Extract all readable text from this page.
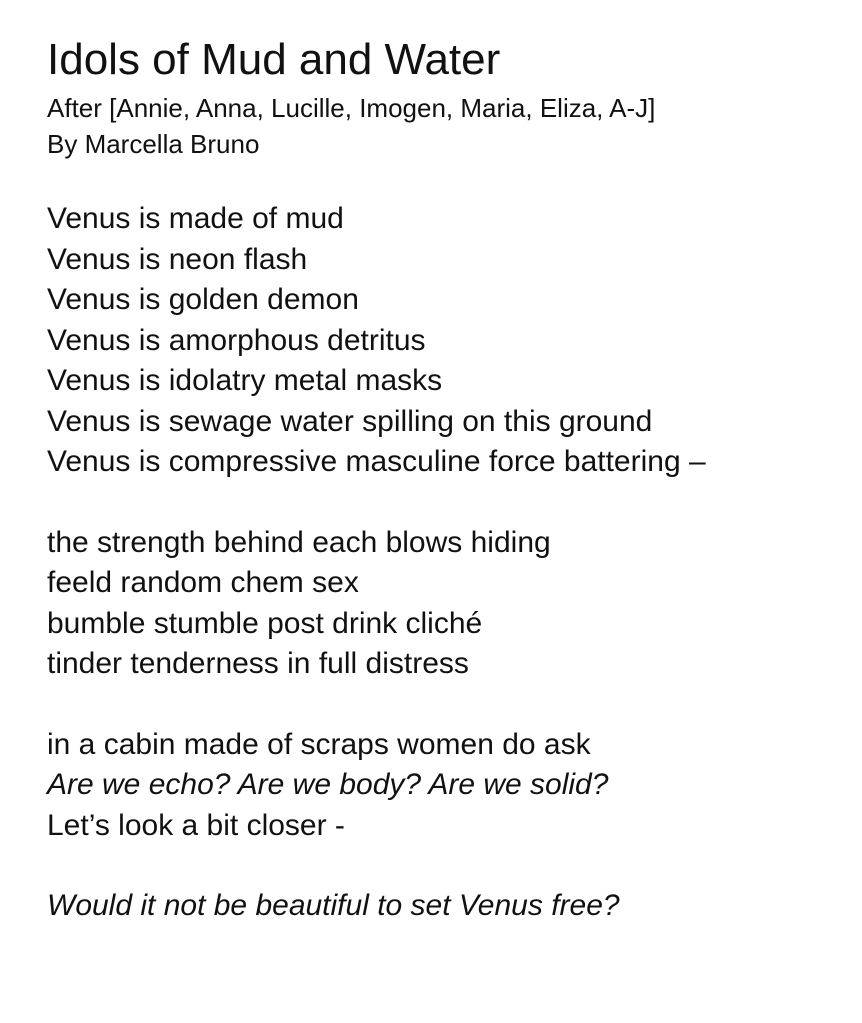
Idols of Mud and Water

After [Annie, Anna, Lucille, Imogen, Maria, Eliza, A-J]

By Marcella Bruno

Venus is made of mud
Venus is neon flash
Venus is golden demon
Venus is amorphous detritus
Venus is idolatry metal masks
Venus is sewage water spilling on this ground
Venus is compressive masculine force battering –
the strength behind each blows hiding
feeld random chem sex
bumble stumble post drink cliché
tinder tenderness in full distress
in a cabin made of scraps women do ask
Are we echo? Are we body? Are we solid?
Let’s look a bit closer -
Would it not be beautiful to set Venus free?
